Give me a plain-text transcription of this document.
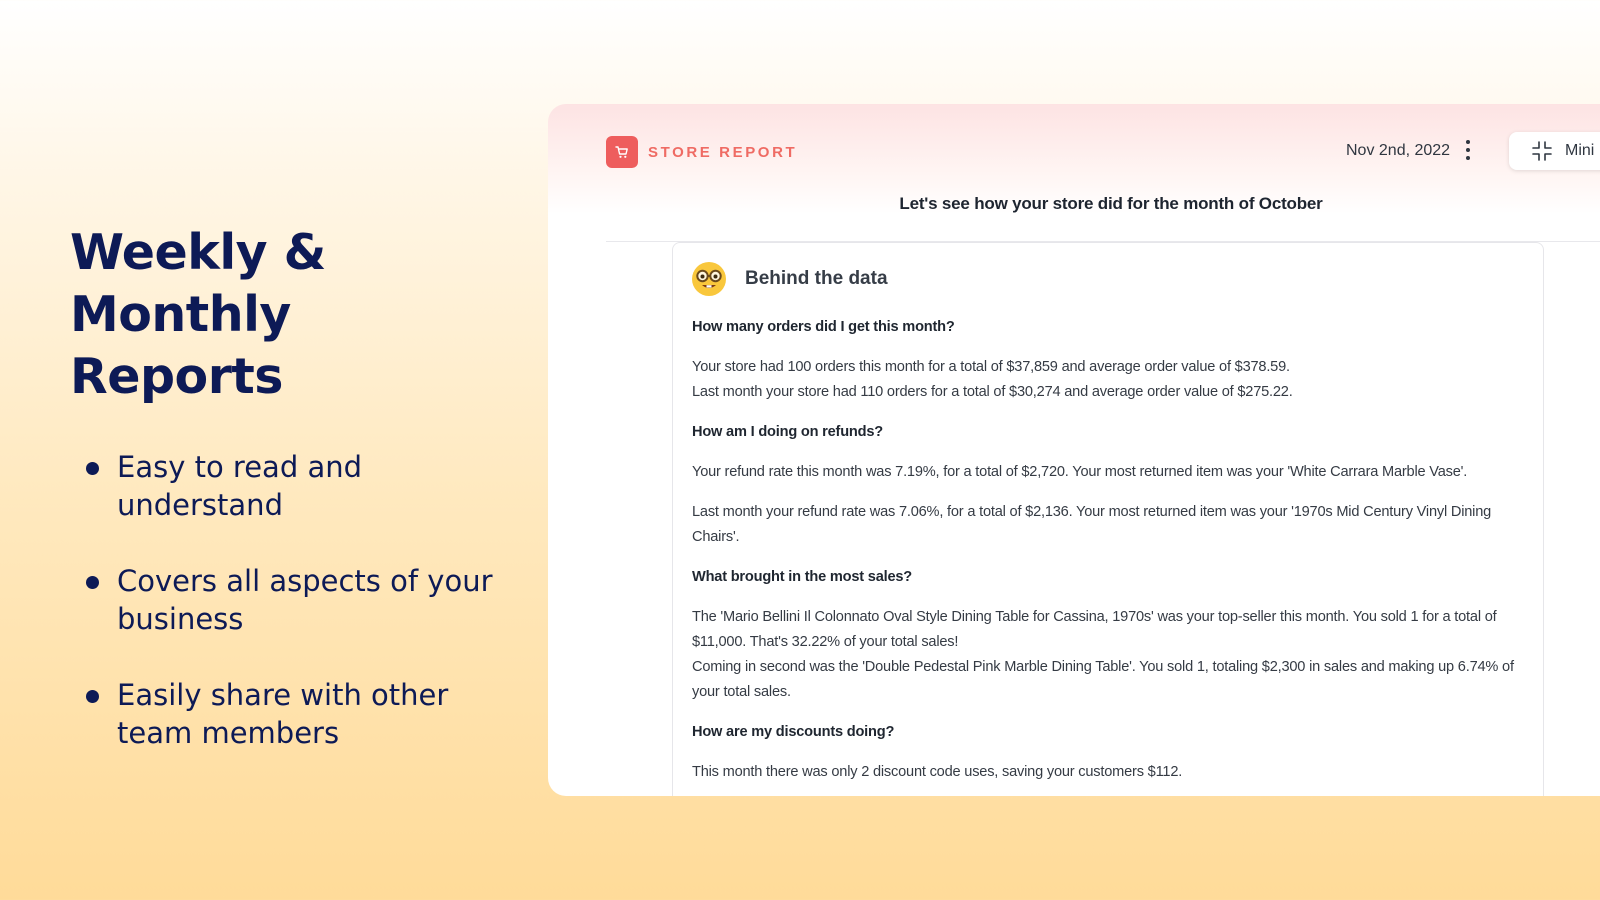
Weekly & Monthly Reports
Easy to read and understand
Covers all aspects of your business
Easily share with other team members
STORE REPORT	Nov 2nd, 2022	Mini
Let's see how your store did for the month of October
Behind the data
How many orders did I get this month?
Your store had 100 orders this month for a total of $37,859 and average order value of $378.59.
Last month your store had 110 orders for a total of $30,274 and average order value of $275.22.
How am I doing on refunds?
Your refund rate this month was 7.19%, for a total of $2,720. Your most returned item was your 'White Carrara Marble Vase'.
Last month your refund rate was 7.06%, for a total of $2,136. Your most returned item was your '1970s Mid Century Vinyl Dining Chairs'.
What brought in the most sales?
The 'Mario Bellini Il Colonnato Oval Style Dining Table for Cassina, 1970s' was your top-seller this month. You sold 1 for a total of $11,000. That's 32.22% of your total sales!
Coming in second was the 'Double Pedestal Pink Marble Dining Table'. You sold 1, totaling $2,300 in sales and making up 6.74% of your total sales.
How are my discounts doing?
This month there was only 2 discount code uses, saving your customers $112.
